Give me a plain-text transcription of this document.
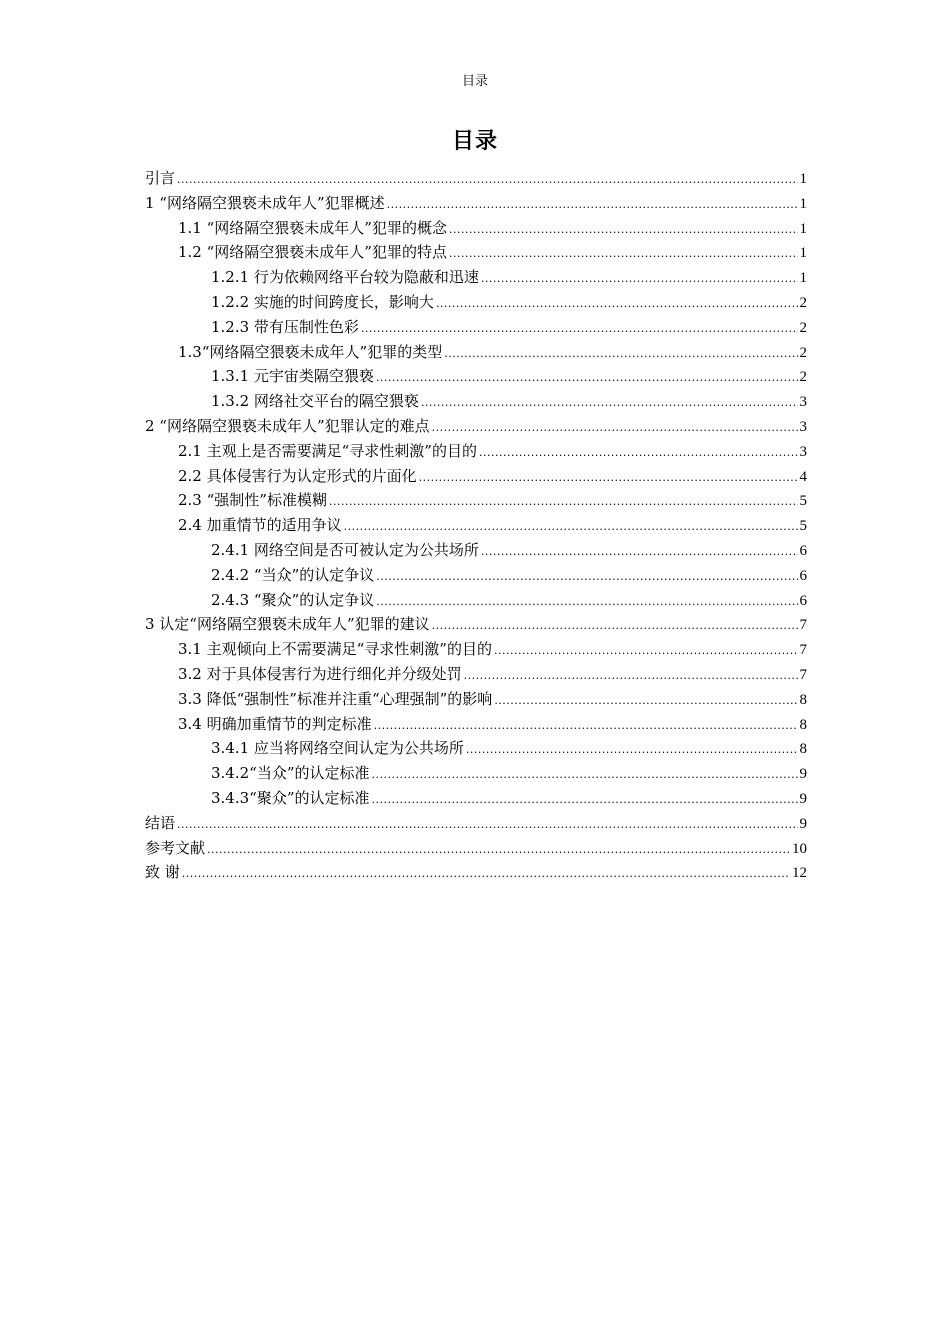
目录
目录
引言 .....	1
1 “网络隔空猥亵未成年人”犯罪概述 .....	1
1.1 “网络隔空猥亵未成年人”犯罪的概念 .....	1
1.2 “网络隔空猥亵未成年人”犯罪的特点 .....	1
1.2.1 行为依赖网络平台较为隐蔽和迅速 .....	1
1.2.2 实施的时间跨度长，影响大 .....	2
1.2.3 带有压制性色彩 .....	2
1.3“网络隔空猥亵未成年人”犯罪的类型 .....	2
1.3.1 元宇宙类隔空猥亵 .....	2
1.3.2 网络社交平台的隔空猥亵 .....	3
2 “网络隔空猥亵未成年人”犯罪认定的难点 .....	3
2.1 主观上是否需要满足“寻求性刺激”的目的 .....	3
2.2 具体侵害行为认定形式的片面化 .....	4
2.3 “强制性”标准模糊 .....	5
2.4 加重情节的适用争议 .....	5
2.4.1 网络空间是否可被认定为公共场所 .....	6
2.4.2 “当众”的认定争议 .....	6
2.4.3 “聚众”的认定争议 .....	6
3 认定“网络隔空猥亵未成年人”犯罪的建议 .....	7
3.1 主观倾向上不需要满足“寻求性刺激”的目的 .....	7
3.2 对于具体侵害行为进行细化并分级处罚 .....	7
3.3 降低“强制性”标准并注重“心理强制”的影响 .....	8
3.4 明确加重情节的判定标准 .....	8
3.4.1 应当将网络空间认定为公共场所 .....	8
3.4.2“当众”的认定标准 .....	9
3.4.3“聚众”的认定标准 .....	9
结语 .....	9
参考文献 .....	10
致 谢 .....	12
